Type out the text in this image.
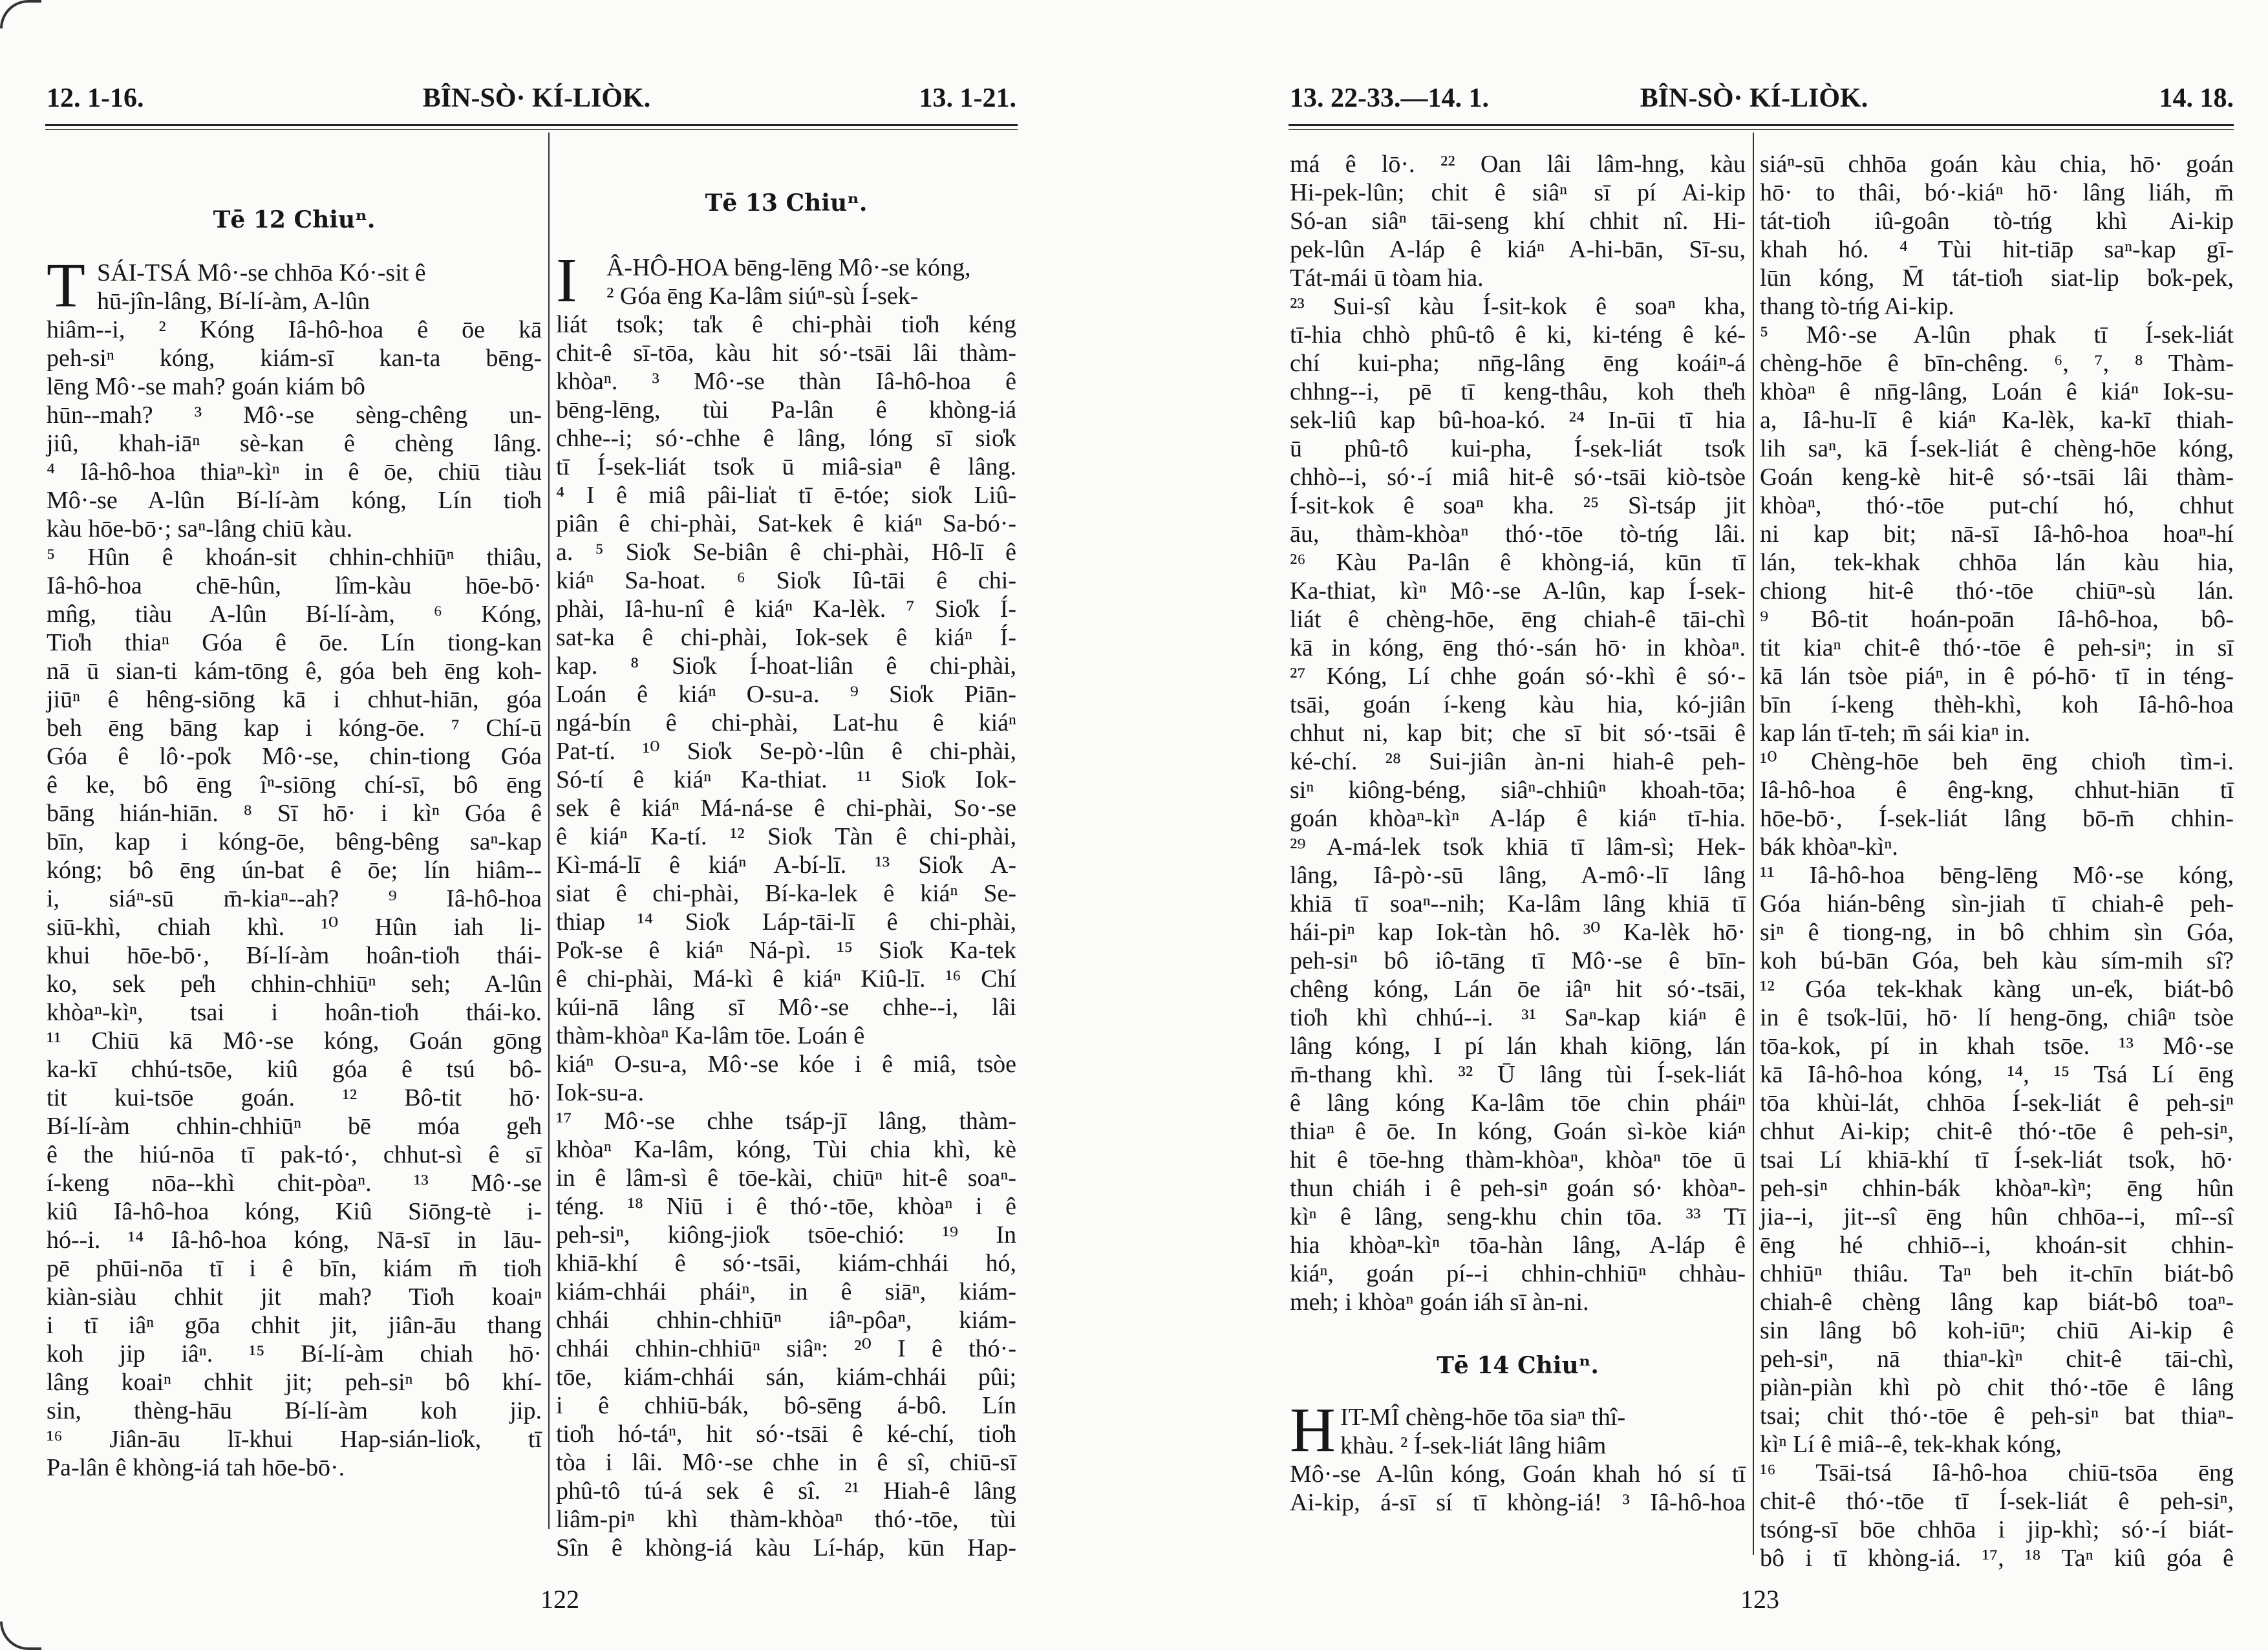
12. 1-16.	BÎN-SÒ· KÍ-LIÒK.	13. 1-21.	13. 22-33.—14. 1.	BÎN-SÒ· KÍ-LIÒK.	14. 18.
Tē 12 Chiuⁿ.
T SÁI-TSÁ Mô·-se chhōa Kó·-sit ê
hū-jîn-lâng, Bí-lí-àm, A-lûn
hiâm--i, ² Kóng Iâ-hô-hoa ê ōe kā
peh-siⁿ kóng, kiám-sī kan-ta bēng-
lēng Mô·-se mah? goán kiám bô
hūn--mah? ³ Mô·-se sèng-chêng un-
jiû, khah-iāⁿ sè-kan ê chèng lâng.
⁴ Iâ-hô-hoa thiaⁿ-kìⁿ in ê ōe, chiū tiàu
Mô·-se A-lûn Bí-lí-àm kóng, Lín tio̍h
kàu hōe-bō·; saⁿ-lâng chiū kàu.
⁵ Hûn ê khoán-sit chhin-chhiūⁿ thiâu,
Iâ-hô-hoa chē-hûn, lîm-kàu hōe-bō·
mn̂g, tiàu A-lûn Bí-lí-àm, ⁶ Kóng,
Tio̍h thiaⁿ Góa ê ōe. Lín tiong-kan
nā ū sian-ti kám-tōng ê, góa beh ēng koh-
jiūⁿ ê hêng-siōng kā i chhut-hiān, góa
beh ēng bāng kap i kóng-ōe. ⁷ Chí-ū
Góa ê lô·-po̍k Mô·-se, chin-tiong Góa
ê ke, bô ēng îⁿ-siōng chí-sī, bô ēng
bāng hián-hiān. ⁸ Sī hō· i kìⁿ Góa ê
bīn, kap i kóng-ōe, bêng-bêng saⁿ-kap
kóng; bô ēng ún-bat ê ōe; lín hiâm--
i, siáⁿ-sū m̄-kiaⁿ--ah? ⁹ Iâ-hô-hoa
siū-khì, chiah khì. ¹⁰ Hûn iah li-
khui hōe-bō·, Bí-lí-àm hoân-tio̍h thái-
ko, sek pe̍h chhin-chhiūⁿ seh; A-lûn
khòaⁿ-kìⁿ, tsai i hoân-tio̍h thái-ko.
¹¹ Chiū kā Mô·-se kóng, Goán gōng
ka-kī chhú-tsōe, kiû góa ê tsú bô-
tit kui-tsōe goán. ¹² Bô-tit hō·
Bí-lí-àm chhin-chhiūⁿ bē móa ge̍h
ê the hiú-nōa tī pak-tó·, chhut-sì ê sī
í-keng nōa--khì chit-pòaⁿ. ¹³ Mô·-se
kiû Iâ-hô-hoa kóng, Kiû Siōng-tè i-
hó--i. ¹⁴ Iâ-hô-hoa kóng, Nā-sī in lāu-
pē phūi-nōa tī i ê bīn, kiám m̄ tio̍h
kiàn-siàu chhit jit mah? Tio̍h koaiⁿ
i tī iâⁿ gōa chhit jit, jiân-āu thang
koh jip iâⁿ. ¹⁵ Bí-lí-àm chiah hō·
lâng koaiⁿ chhit jit; peh-siⁿ bô khí-
sin, thèng-hāu Bí-lí-àm koh jip.
¹⁶ Jiân-āu lī-khui Hap-sián-lio̍k, tī
Pa-lân ê khòng-iá tah hōe-bō·.
Tē 13 Chiuⁿ.
I	Â-HÔ-HOA bēng-lēng Mô·-se kóng,
² Góa ēng Ka-lâm siúⁿ-sù Í-sek-
liát tso̍k; ta̍k ê chi-phài tio̍h kéng
chit-ê sī-tōa, kàu hit só·-tsāi lâi thàm-
khòaⁿ. ³ Mô·-se thàn Iâ-hô-hoa ê
bēng-lēng, tùi Pa-lân ê khòng-iá
chhe--i; só·-chhe ê lâng, lóng sī sio̍k
tī Í-sek-liát tso̍k ū miâ-siaⁿ ê lâng.
⁴ I ê miâ pâi-lia̍t tī ē-tóe; sio̍k Liû-
piân ê chi-phài, Sat-kek ê kiáⁿ Sa-bó·-
a. ⁵ Sio̍k Se-biân ê chi-phài, Hô-lī ê
kiáⁿ Sa-hoat. ⁶ Sio̍k Iû-tāi ê chi-
phài, Iâ-hu-nî ê kiáⁿ Ka-lèk. ⁷ Sio̍k Í-
sat-ka ê chi-phài, Iok-sek ê kiáⁿ Í-
kap. ⁸ Sio̍k Í-hoat-liân ê chi-phài,
Loán ê kiáⁿ O-su-a. ⁹ Sio̍k Piān-
ngá-bín ê chi-phài, Lat-hu ê kiáⁿ
Pat-tí. ¹⁰ Sio̍k Se-pò·-lûn ê chi-phài,
Só-tí ê kiáⁿ Ka-thiat. ¹¹ Sio̍k Iok-
sek ê kiáⁿ Má-ná-se ê chi-phài, So·-se
ê kiáⁿ Ka-tí. ¹² Sio̍k Tàn ê chi-phài,
Kì-má-lī ê kiáⁿ A-bí-lī. ¹³ Sio̍k A-
siat ê chi-phài, Bí-ka-lek ê kiáⁿ Se-
thiap ¹⁴ Sio̍k Láp-tāi-lī ê chi-phài,
Po̍k-se ê kiáⁿ Ná-pì. ¹⁵ Sio̍k Ka-tek
ê chi-phài, Má-kì ê kiáⁿ Kiû-lī. ¹⁶ Chí
kúi-nā lâng sī Mô·-se chhe--i, lâi
thàm-khòaⁿ Ka-lâm tōe. Loán ê
kiáⁿ O-su-a, Mô·-se kóe i ê miâ, tsòe
Iok-su-a.
¹⁷ Mô·-se chhe tsáp-jī lâng, thàm-
khòaⁿ Ka-lâm, kóng, Tùi chia khì, kè
in ê lâm-sì ê tōe-kài, chiūⁿ hit-ê soaⁿ-
téng. ¹⁸ Niū i ê thó·-tōe, khòaⁿ i ê
peh-siⁿ, kiông-jio̍k tsōe-chió: ¹⁹ In
khiā-khí ê só·-tsāi, kiám-chhái hó,
kiám-chhái pháiⁿ, in ê siāⁿ, kiám-
chhái chhin-chhiūⁿ iâⁿ-pôaⁿ, kiám-
chhái chhin-chhiūⁿ siâⁿ: ²⁰ I ê thó·-
tōe, kiám-chhái sán, kiám-chhái pûi;
i ê chhiū-bák, bô-sēng á-bô. Lín
tio̍h hó-táⁿ, hit só·-tsāi ê ké-chí, tio̍h
tòa i lâi. Mô·-se chhe in ê sî, chiū-sī
phû-tô tú-á sek ê sî. ²¹ Hiah-ê lâng
liâm-piⁿ khì thàm-khòaⁿ thó·-tōe, tùi
Sîn ê khòng-iá kàu Lí-háp, kūn Hap-
má ê lō·. ²² Oan lâi lâm-hng, kàu
Hi-pek-lûn; chit ê siâⁿ sī pí Ai-kip
Só-an siâⁿ tāi-seng khí chhit nî. Hi-
pek-lûn A-láp ê kiáⁿ A-hi-bān, Sī-su,
Tát-mái ū tòam hia.
²³ Sui-sî kàu Í-sit-kok ê soaⁿ kha,
tī-hia chhò phû-tô ê ki, ki-téng ê ké-
chí kui-pha; nn̄g-lâng ēng koáiⁿ-á
chhng--i, pē tī keng-thâu, koh the̍h
sek-liû kap bû-hoa-kó. ²⁴ In-ūi tī hia
ū phû-tô kui-pha, Í-sek-liát tso̍k
chhò--i, só·-í miâ hit-ê só·-tsāi kiò-tsòe
Í-sit-kok ê soaⁿ kha. ²⁵ Sì-tsáp jit
āu, thàm-khòaⁿ thó·-tōe tò-tńg lâi.
²⁶ Kàu Pa-lân ê khòng-iá, kūn tī
Ka-thiat, kìⁿ Mô·-se A-lûn, kap Í-sek-
liát ê chèng-hōe, ēng chiah-ê tāi-chì
kā in kóng, ēng thó·-sán hō· in khòaⁿ.
²⁷ Kóng, Lí chhe goán só·-khì ê só·-
tsāi, goán í-keng kàu hia, kó-jiân
chhut ni, kap bit; che sī bit só·-tsāi ê
ké-chí. ²⁸ Sui-jiân àn-ni hiah-ê peh-
siⁿ kiông-béng, siâⁿ-chhiûⁿ khoah-tōa;
goán khòaⁿ-kìⁿ A-láp ê kiáⁿ tī-hia.
²⁹ A-má-lek tso̍k khiā tī lâm-sì; Hek-
lâng, Iâ-pò·-sū lâng, A-mô·-lī lâng
khiā tī soaⁿ--nih; Ka-lâm lâng khiā tī
hái-piⁿ kap Iok-tàn hô. ³⁰ Ka-lèk hō·
peh-siⁿ bô iô-tāng tī Mô·-se ê bīn-
chêng kóng, Lán ōe iâⁿ hit só·-tsāi,
tio̍h khì chhú--i. ³¹ Saⁿ-kap kiáⁿ ê
lâng kóng, I pí lán khah kiōng, lán
m̄-thang khì. ³² Ū lâng tùi Í-sek-liát
ê lâng kóng Ka-lâm tōe chin pháiⁿ
thiaⁿ ê ōe. In kóng, Goán sì-kòe kiáⁿ
hit ê tōe-hng thàm-khòaⁿ, khòaⁿ tōe ū
thun chiáh i ê peh-siⁿ goán só· khòaⁿ-
kìⁿ ê lâng, seng-khu chin tōa. ³³ Tī
hia khòaⁿ-kìⁿ tōa-hàn lâng, A-láp ê
kiáⁿ, goán pí--i chhin-chhiūⁿ chhàu-
meh; i khòaⁿ goán iáh sī àn-ni.
Tē 14 Chiuⁿ.
H IT-MÎ chèng-hōe tōa siaⁿ thî-
khàu. ² Í-sek-liát lâng hiâm
Mô·-se A-lûn kóng, Goán khah hó sí tī
Ai-kip, á-sī sí tī khòng-iá! ³ Iâ-hô-hoa
siáⁿ-sū chhōa goán kàu chia, hō· goán
hō· to thâi, bó·-kiáⁿ hō· lâng liáh, m̄
tát-tio̍h iû-goân tò-tńg khì Ai-kip
khah hó. ⁴ Tùi hit-tiāp saⁿ-kap gī-
lūn kóng, M̄ tát-tio̍h siat-lip bo̍k-pek,
thang tò-tńg Ai-kip.
⁵ Mô·-se A-lûn phak tī Í-sek-liát
chèng-hōe ê bīn-chêng. ⁶, ⁷, ⁸ Thàm-
khòaⁿ ê nn̄g-lâng, Loán ê kiáⁿ Iok-su-
a, Iâ-hu-lī ê kiáⁿ Ka-lèk, ka-kī thiah-
lih saⁿ, kā Í-sek-liát ê chèng-hōe kóng,
Goán keng-kè hit-ê só·-tsāi lâi thàm-
khòaⁿ, thó·-tōe put-chí hó, chhut
ni kap bit; nā-sī Iâ-hô-hoa hoaⁿ-hí
lán, tek-khak chhōa lán kàu hia,
chiong hit-ê thó·-tōe chiūⁿ-sù lán.
⁹ Bô-tit hoán-poān Iâ-hô-hoa, bô-
tit kiaⁿ chit-ê thó·-tōe ê peh-siⁿ; in sī
kā lán tsòe piáⁿ, in ê pó-hō· tī in téng-
bīn í-keng thèh-khì, koh Iâ-hô-hoa
kap lán tī-teh; m̄ sái kiaⁿ in.
¹⁰ Chèng-hōe beh ēng chio̍h tìm-i.
Iâ-hô-hoa ê êng-kng, chhut-hiān tī
hōe-bō·, Í-sek-liát lâng bō-m̄ chhin-
bák khòaⁿ-kìⁿ.
¹¹ Iâ-hô-hoa bēng-lēng Mô·-se kóng,
Góa hián-bêng sìn-jiah tī chiah-ê peh-
siⁿ ê tiong-ng, in bô chhim sìn Góa,
koh bú-bān Góa, beh kàu sím-mih sî?
¹² Góa tek-khak kàng un-e̍k, biát-bô
in ê tso̍k-lūi, hō· lí heng-ōng, chiâⁿ tsòe
tōa-kok, pí in khah tsōe. ¹³ Mô·-se
kā Iâ-hô-hoa kóng, ¹⁴, ¹⁵ Tsá Lí ēng
tōa khùi-lát, chhōa Í-sek-liát ê peh-siⁿ
chhut Ai-kip; chit-ê thó·-tōe ê peh-siⁿ,
tsai Lí khiā-khí tī Í-sek-liát tso̍k, hō·
peh-siⁿ chhin-bák khòaⁿ-kìⁿ; ēng hûn
jia--i, jit--sî ēng hûn chhōa--i, mî--sî
ēng hé chhiō--i, khoán-sit chhin-
chhiūⁿ thiâu. Taⁿ beh it-chīn biát-bô
chiah-ê chèng lâng kap biát-bô toaⁿ-
sin lâng bô koh-iūⁿ; chiū Ai-kip ê
peh-siⁿ, nā thiaⁿ-kìⁿ chit-ê tāi-chì,
piàn-piàn khì pò chit thó·-tōe ê lâng
tsai; chit thó·-tōe ê peh-siⁿ bat thiaⁿ-
kìⁿ Lí ê miâ--ê, tek-khak kóng,
¹⁶ Tsāi-tsá Iâ-hô-hoa chiū-tsōa ēng
chit-ê thó·-tōe tī Í-sek-liát ê peh-siⁿ,
tsóng-sī bōe chhōa i jip-khì; só·-í biát-
bô i tī khòng-iá. ¹⁷, ¹⁸ Taⁿ kiû góa ê
122	123
